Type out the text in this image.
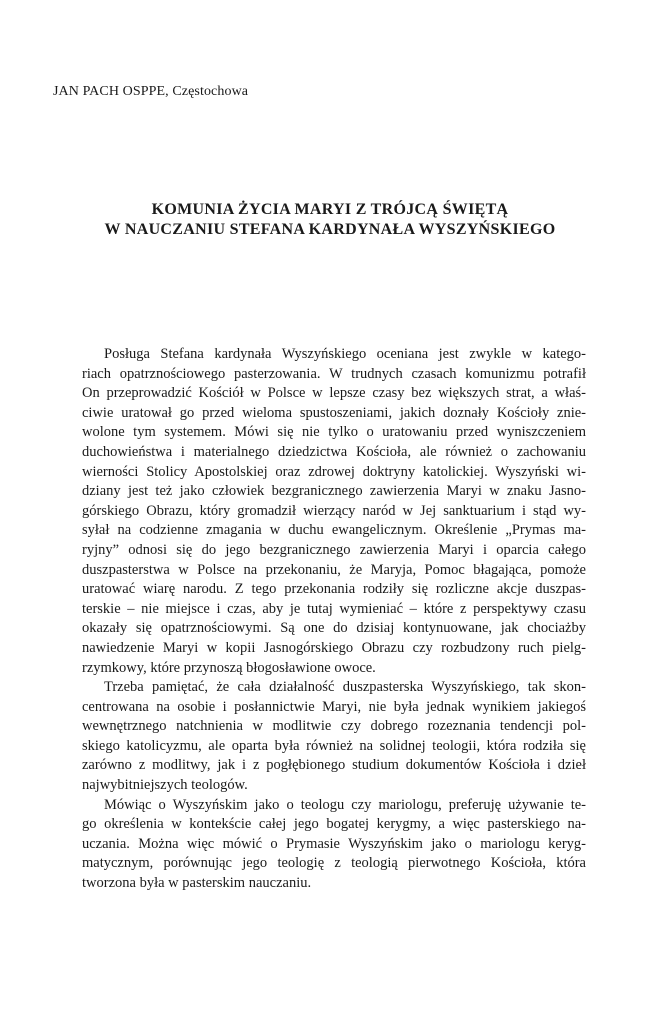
JAN PACH OSPPE, Częstochowa
KOMUNIA ŻYCIA MARYI Z TRÓJCĄ ŚWIĘTĄ
W NAUCZANIU STEFANA KARDYNAŁA WYSZYŃSKIEGO
Posługa Stefana kardynała Wyszyńskiego oceniana jest zwykle w katego-
riach opatrznościowego pasterzowania. W trudnych czasach komunizmu potrafił
On przeprowadzić Kościół w Polsce w lepsze czasy bez większych strat, a właś-
ciwie uratował go przed wieloma spustoszeniami, jakich doznały Kościoły znie-
wolone tym systemem. Mówi się nie tylko o uratowaniu przed wyniszczeniem
duchowieństwa i materialnego dziedzictwa Kościoła, ale również o zachowaniu
wierności Stolicy Apostolskiej oraz zdrowej doktryny katolickiej. Wyszyński wi-
dziany jest też jako człowiek bezgranicznego zawierzenia Maryi w znaku Jasno-
górskiego Obrazu, który gromadził wierzący naród w Jej sanktuarium i stąd wy-
syłał na codzienne zmagania w duchu ewangelicznym. Określenie „Prymas ma-
ryjny” odnosi się do jego bezgranicznego zawierzenia Maryi i oparcia całego
duszpasterstwa w Polsce na przekonaniu, że Maryja, Pomoc błagająca, pomoże
uratować wiarę narodu. Z tego przekonania rodziły się rozliczne akcje duszpas-
terskie – nie miejsce i czas, aby je tutaj wymieniać – które z perspektywy czasu
okazały się opatrznościowymi. Są one do dzisiaj kontynuowane, jak chociażby
nawiedzenie Maryi w kopii Jasnogórskiego Obrazu czy rozbudzony ruch pielg-
rzymkowy, które przynoszą błogosławione owoce.
Trzeba pamiętać, że cała działalność duszpasterska Wyszyńskiego, tak skon-
centrowana na osobie i posłannictwie Maryi, nie była jednak wynikiem jakiegoś
wewnętrznego natchnienia w modlitwie czy dobrego rozeznania tendencji pol-
skiego katolicyzmu, ale oparta była również na solidnej teologii, która rodziła się
zarówno z modlitwy, jak i z pogłębionego studium dokumentów Kościoła i dzieł
najwybitniejszych teologów.
Mówiąc o Wyszyńskim jako o teologu czy mariologu, preferuję używanie te-
go określenia w kontekście całej jego bogatej kerygmy, a więc pasterskiego na-
uczania. Można więc mówić o Prymasie Wyszyńskim jako o mariologu keryg-
matycznym, porównując jego teologię z teologią pierwotnego Kościoła, która
tworzona była w pasterskim nauczaniu.
